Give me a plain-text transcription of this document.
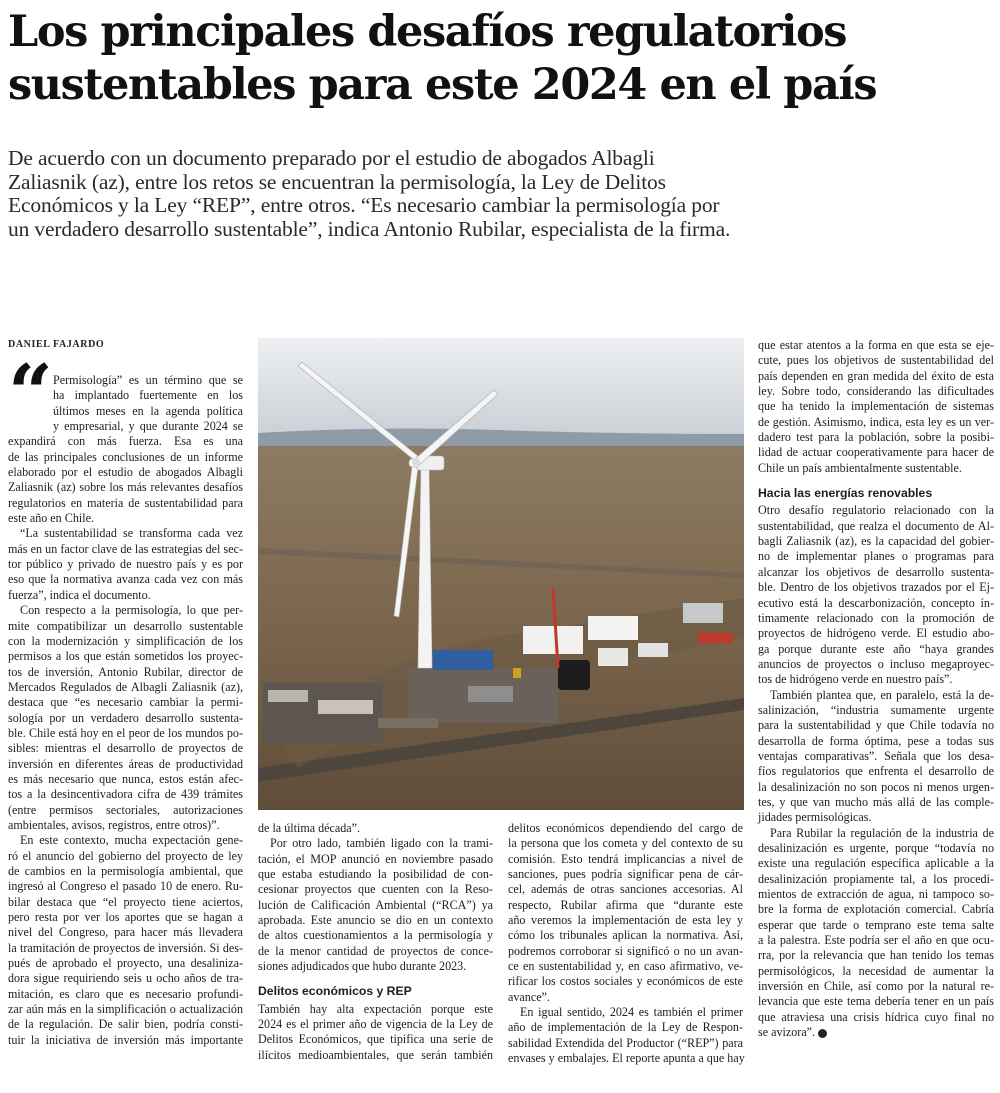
Los principales desafíos regulatorios
sustentables para este 2024 en el país

De acuerdo con un documento preparado por el estudio de abogados Albagli
Zaliasnik (az), entre los retos se encuentran la permisología, la Ley de Delitos
Económicos y la Ley “REP”, entre otros. “Es necesario cambiar la permisología por
un verdadero desarrollo sustentable”, indica Antonio Rubilar, especialista de la firma.

DANIEL FAJARDO
“ Permisología” es un término que se
ha implantado fuertemente en los
últimos meses en la agenda política
y empresarial, y que durante 2024 se
expandirá con más fuerza. Esa es una
de las principales conclusiones de un informe
elaborado por el estudio de abogados Albagli
Zaliasnik (az) sobre los más relevantes desafíos
regulatorios en materia de sustentabilidad para
este año en Chile.
“La sustentabilidad se transforma cada vez
más en un factor clave de las estrategias del sec-
tor público y privado de nuestro país y es por
eso que la normativa avanza cada vez con más
fuerza”, indica el documento.
Con respecto a la permisología, lo que per-
mite compatibilizar un desarrollo sustentable
con la modernización y simplificación de los
permisos a los que están sometidos los proyec-
tos de inversión, Antonio Rubilar, director de
Mercados Regulados de Albagli Zaliasnik (az),
destaca que “es necesario cambiar la permi-
sología por un verdadero desarrollo sustenta-
ble. Chile está hoy en el peor de los mundos po-
sibles: mientras el desarrollo de proyectos de
inversión en diferentes áreas de productividad
es más necesario que nunca, estos están afec-
tos a la desincentivadora cifra de 439 trámites
(entre permisos sectoriales, autorizaciones
ambientales, avisos, registros, entre otros)”.
En este contexto, mucha expectación gene-
ró el anuncio del gobierno del proyecto de ley
de cambios en la permisología ambiental, que
ingresó al Congreso el pasado 10 de enero. Ru-
bilar destaca que “el proyecto tiene aciertos,
pero resta por ver los aportes que se hagan a
nivel del Congreso, para hacer más llevadera
la tramitación de proyectos de inversión. Si des-
pués de aprobado el proyecto, una desaliniza-
dora sigue requiriendo seis u ocho años de tra-
mitación, es claro que es necesario profundi-
zar aún más en la simplificación o actualización
de la regulación. De salir bien, podría consti-
tuir la iniciativa de inversión más importante
de la última década”.
Por otro lado, también ligado con la trami-
tación, el MOP anunció en noviembre pasado
que estaba estudiando la posibilidad de con-
cesionar proyectos que cuenten con la Reso-
lución de Calificación Ambiental (“RCA”) ya
aprobada. Este anuncio se dio en un contexto
de altos cuestionamientos a la permisología y
de la menor cantidad de proyectos de conce-
siones adjudicados que hubo durante 2023.
Delitos económicos y REP
También hay alta expectación porque este
2024 es el primer año de vigencia de la Ley de
Delitos Económicos, que tipifica una serie de
ilícitos medioambientales, que serán también
delitos económicos dependiendo del cargo de
la persona que los cometa y del contexto de su
comisión. Esto tendrá implicancias a nivel de
sanciones, pues podría significar pena de cár-
cel, además de otras sanciones accesorias. Al
respecto, Rubilar afirma que “durante este
año veremos la implementación de esta ley y
cómo los tribunales aplican la normativa. Así,
podremos corroborar si significó o no un avan-
ce en sustentabilidad y, en caso afirmativo, ve-
rificar los costos sociales y económicos de este
avance”.
En igual sentido, 2024 es también el primer
año de implementación de la Ley de Respon-
sabilidad Extendida del Productor (“REP”) para
envases y embalajes. El reporte apunta a que hay
que estar atentos a la forma en que esta se eje-
cute, pues los objetivos de sustentabilidad del
país dependen en gran medida del éxito de esta
ley. Sobre todo, considerando las dificultades
que ha tenido la implementación de sistemas
de gestión. Asimismo, indica, esta ley es un ver-
dadero test para la población, sobre la posibi-
lidad de actuar cooperativamente para hacer de
Chile un país ambientalmente sustentable.
Hacia las energías renovables
Otro desafío regulatorio relacionado con la
sustentabilidad, que realza el documento de Al-
bagli Zaliasnik (az), es la capacidad del gobier-
no de implementar planes o programas para
alcanzar los objetivos de desarrollo sustenta-
ble. Dentro de los objetivos trazados por el Ej-
ecutivo está la descarbonización, concepto ín-
timamente relacionado con la promoción de
proyectos de hidrógeno verde. El estudio abo-
ga porque durante este año “haya grandes
anuncios de proyectos o incluso megaproyec-
tos de hidrógeno verde en nuestro país”.
También plantea que, en paralelo, está la de-
salinización, “industria sumamente urgente
para la sustentabilidad y que Chile todavía no
desarrolla de forma óptima, pese a todas sus
ventajas comparativas”. Señala que los desa-
fíos regulatorios que enfrenta el desarrollo de
la desalinización no son pocos ni menos urgen-
tes, y que van mucho más allá de las comple-
jidades permisológicas.
Para Rubilar la regulación de la industria de
desalinización es urgente, porque “todavía no
existe una regulación específica aplicable a la
desalinización propiamente tal, a los procedi-
mientos de extracción de agua, ni tampoco so-
bre la forma de explotación comercial. Cabría
esperar que tarde o temprano este tema salte
a la palestra. Este podría ser el año en que ocu-
rra, por la relevancia que han tenido los temas
permisológicos, la necesidad de aumentar la
inversión en Chile, así como por la natural re-
levancia que este tema debería tener en un país
que atraviesa una crisis hídrica cuyo final no
se avizora”.
